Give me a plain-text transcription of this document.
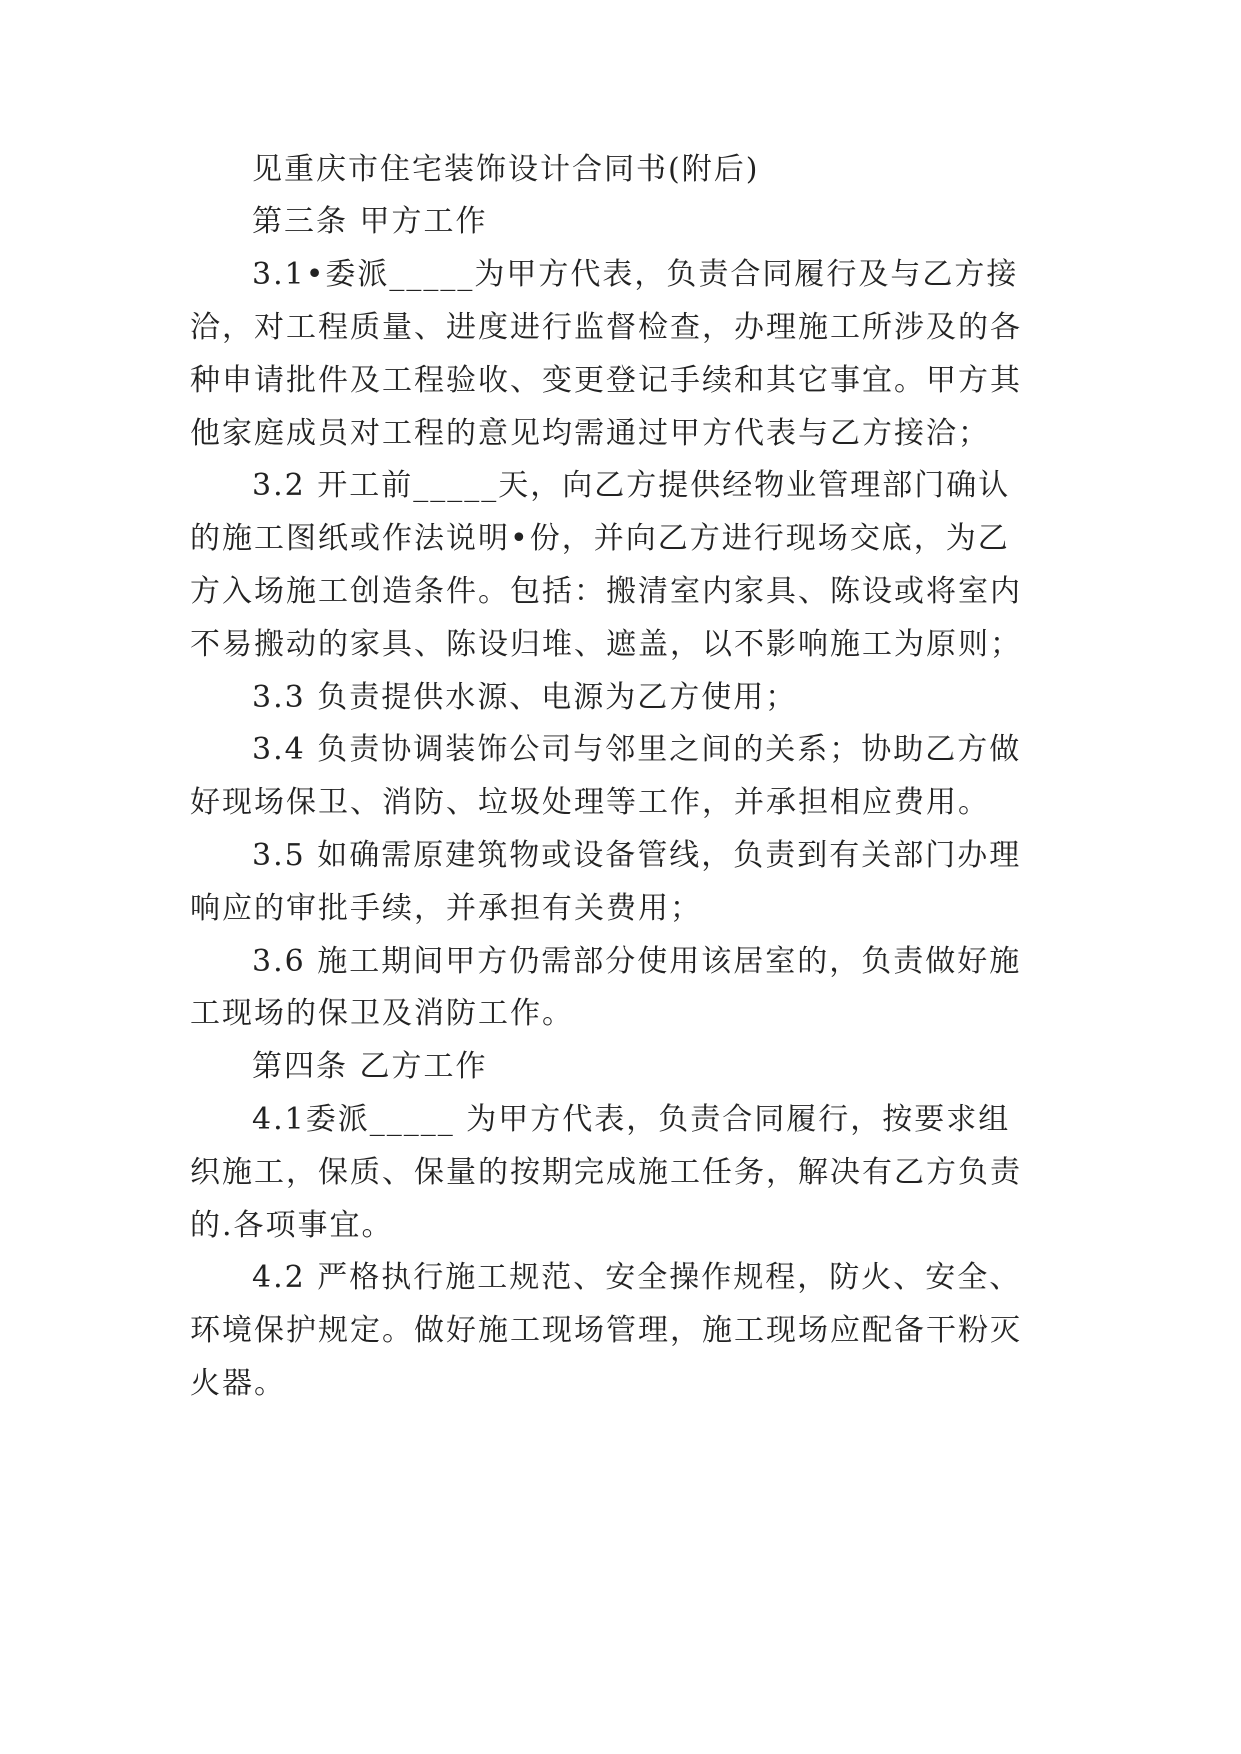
见重庆市住宅装饰设计合同书(附后)
第三条 甲方工作
3.1•委派_____为甲方代表，负责合同履行及与乙方接
洽，对工程质量、进度进行监督检查，办理施工所涉及的各
种申请批件及工程验收、变更登记手续和其它事宜。甲方其
他家庭成员对工程的意见均需通过甲方代表与乙方接洽；
3.2 开工前_____天，向乙方提供经物业管理部门确认
的施工图纸或作法说明•份，并向乙方进行现场交底，为乙
方入场施工创造条件。包括：搬清室内家具、陈设或将室内
不易搬动的家具、陈设归堆、遮盖，以不影响施工为原则；
3.3 负责提供水源、电源为乙方使用；
3.4 负责协调装饰公司与邻里之间的关系；协助乙方做
好现场保卫、消防、垃圾处理等工作，并承担相应费用。
3.5 如确需原建筑物或设备管线，负责到有关部门办理
响应的审批手续，并承担有关费用；
3.6 施工期间甲方仍需部分使用该居室的，负责做好施
工现场的保卫及消防工作。
第四条 乙方工作
4.1委派_____ 为甲方代表，负责合同履行，按要求组
织施工，保质、保量的按期完成施工任务，解决有乙方负责
的.各项事宜。
4.2 严格执行施工规范、安全操作规程，防火、安全、
环境保护规定。做好施工现场管理，施工现场应配备干粉灭
火器。
